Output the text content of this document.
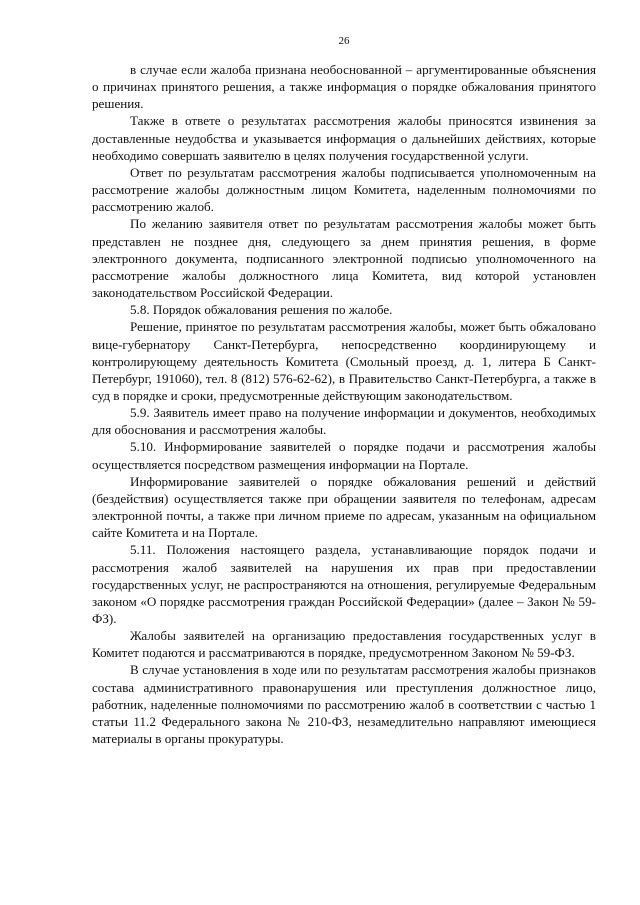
26

в случае если жалоба признана необоснованной – аргументированные объяснения о причинах принятого решения, а также информация о порядке обжалования принятого решения.

Также в ответе о результатах рассмотрения жалобы приносятся извинения за доставленные неудобства и указывается информация о дальнейших действиях, которые необходимо совершать заявителю в целях получения государственной услуги.

Ответ по результатам рассмотрения жалобы подписывается уполномоченным на рассмотрение жалобы должностным лицом Комитета, наделенным полномочиями по рассмотрению жалоб.

По желанию заявителя ответ по результатам рассмотрения жалобы может быть представлен не позднее дня, следующего за днем принятия решения, в форме электронного документа, подписанного электронной подписью уполномоченного на рассмотрение жалобы должностного лица Комитета, вид которой установлен законодательством Российской Федерации.

5.8. Порядок обжалования решения по жалобе.

Решение, принятое по результатам рассмотрения жалобы, может быть обжаловано вице-губернатору Санкт-Петербурга, непосредственно координирующему и контролирующему деятельность Комитета (Смольный проезд, д. 1, литера Б Санкт-Петербург, 191060), тел. 8 (812) 576-62-62), в Правительство Санкт-Петербурга, а также в суд в порядке и сроки, предусмотренные действующим законодательством.

5.9. Заявитель имеет право на получение информации и документов, необходимых для обоснования и рассмотрения жалобы.

5.10. Информирование заявителей о порядке подачи и рассмотрения жалобы осуществляется посредством размещения информации на Портале.

Информирование заявителей о порядке обжалования решений и действий (бездействия) осуществляется также при обращении заявителя по телефонам, адресам электронной почты, а также при личном приеме по адресам, указанным на официальном сайте Комитета и на Портале.

5.11. Положения настоящего раздела, устанавливающие порядок подачи и рассмотрения жалоб заявителей на нарушения их прав при предоставлении государственных услуг, не распространяются на отношения, регулируемые Федеральным законом «О порядке рассмотрения граждан Российской Федерации» (далее – Закон № 59-ФЗ).

Жалобы заявителей на организацию предоставления государственных услуг в Комитет подаются и рассматриваются в порядке, предусмотренном Законом № 59-ФЗ.

В случае установления в ходе или по результатам рассмотрения жалобы признаков состава административного правонарушения или преступления должностное лицо, работник, наделенные полномочиями по рассмотрению жалоб в соответствии с частью 1 статьи 11.2 Федерального закона № 210-ФЗ, незамедлительно направляют имеющиеся материалы в органы прокуратуры.
